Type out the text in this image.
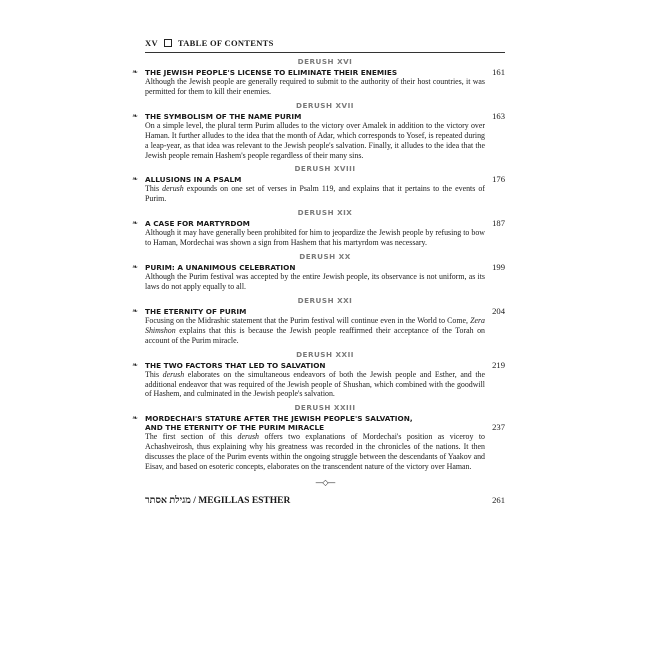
XV TABLE OF CONTENTS
DERUSH XVI
❧ THE JEWISH PEOPLE'S LICENSE TO ELIMINATE THEIR ENEMIES	161
Although the Jewish people are generally required to submit to the authority of their host countries, it was permitted for them to kill their enemies.
DERUSH XVII
❧ THE SYMBOLISM OF THE NAME PURIM	163
On a simple level, the plural term Purim alludes to the victory over Amalek in addition to the victory over Haman. It further alludes to the idea that the month of Adar, which corresponds to Yosef, is repeated during a leap-year, as that idea was relevant to the Jewish people's salvation. Finally, it alludes to the idea that the Jewish people remain Hashem's people regardless of their many sins.
DERUSH XVIII
❧ ALLUSIONS IN A PSALM	176
This derush expounds on one set of verses in Psalm 119, and explains that it pertains to the events of Purim.
DERUSH XIX
❧ A CASE FOR MARTYRDOM	187
Although it may have generally been prohibited for him to jeopardize the Jewish people by refusing to bow to Haman, Mordechai was shown a sign from Hashem that his martyrdom was necessary.
DERUSH XX
❧ PURIM: A UNANIMOUS CELEBRATION	199
Although the Purim festival was accepted by the entire Jewish people, its observance is not uniform, as its laws do not apply equally to all.
DERUSH XXI
❧ THE ETERNITY OF PURIM	204
Focusing on the Midrashic statement that the Purim festival will continue even in the World to Come, Zera Shimshon explains that this is because the Jewish people reaffirmed their acceptance of the Torah on account of the Purim miracle.
DERUSH XXII
❧ THE TWO FACTORS THAT LED TO SALVATION	219
This derush elaborates on the simultaneous endeavors of both the Jewish people and Esther, and the additional endeavor that was required of the Jewish people of Shushan, which combined with the goodwill of Hashem, and culminated in the Jewish people's salvation.
DERUSH XXIII
❧ MORDECHAI'S STATURE AFTER THE JEWISH PEOPLE'S SALVATION,
AND THE ETERNITY OF THE PURIM MIRACLE	237
The first section of this derush offers two explanations of Mordechai's position as viceroy to Achashveirosh, thus explaining why his greatness was recorded in the chronicles of the nations. It then discusses the place of the Purim events within the ongoing struggle between the descendants of Yaakov and Eisav, and based on esoteric concepts, elaborates on the transcendent nature of the victory over Haman.
—◇—
מגילת אסתר / MEGILLAS ESTHER	261
